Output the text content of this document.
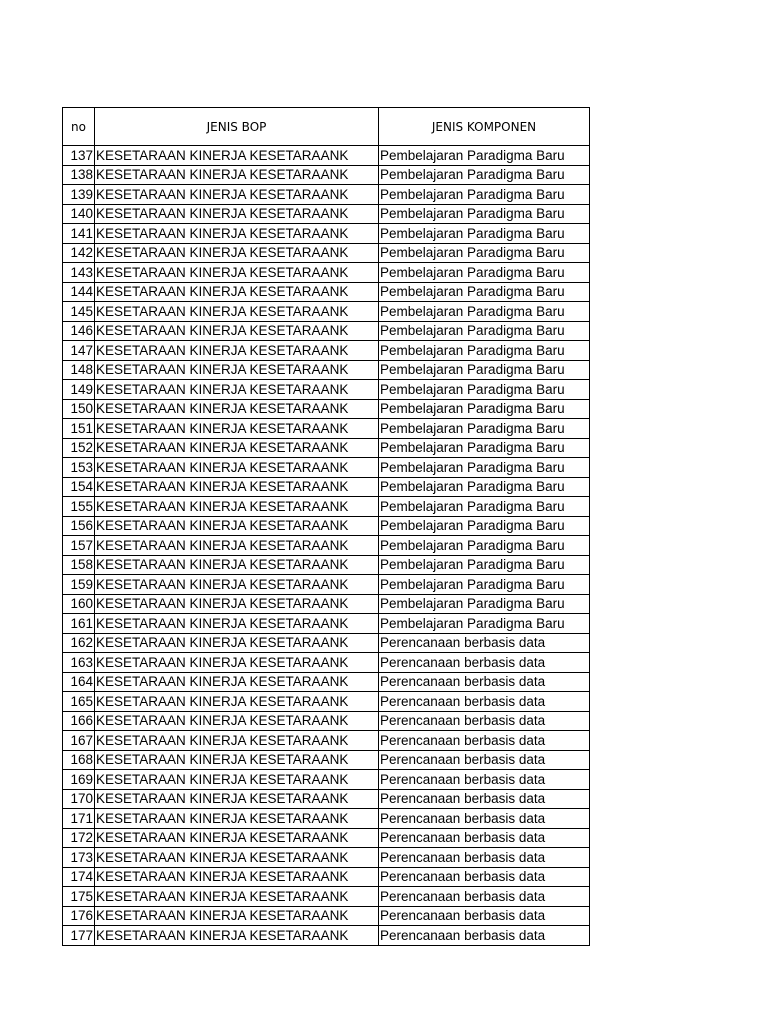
no	JENIS BOP	JENIS KOMPONEN
137	KESETARAAN KINERJA KESETARAANK	Pembelajaran Paradigma Baru
138	KESETARAAN KINERJA KESETARAANK	Pembelajaran Paradigma Baru
139	KESETARAAN KINERJA KESETARAANK	Pembelajaran Paradigma Baru
140	KESETARAAN KINERJA KESETARAANK	Pembelajaran Paradigma Baru
141	KESETARAAN KINERJA KESETARAANK	Pembelajaran Paradigma Baru
142	KESETARAAN KINERJA KESETARAANK	Pembelajaran Paradigma Baru
143	KESETARAAN KINERJA KESETARAANK	Pembelajaran Paradigma Baru
144	KESETARAAN KINERJA KESETARAANK	Pembelajaran Paradigma Baru
145	KESETARAAN KINERJA KESETARAANK	Pembelajaran Paradigma Baru
146	KESETARAAN KINERJA KESETARAANK	Pembelajaran Paradigma Baru
147	KESETARAAN KINERJA KESETARAANK	Pembelajaran Paradigma Baru
148	KESETARAAN KINERJA KESETARAANK	Pembelajaran Paradigma Baru
149	KESETARAAN KINERJA KESETARAANK	Pembelajaran Paradigma Baru
150	KESETARAAN KINERJA KESETARAANK	Pembelajaran Paradigma Baru
151	KESETARAAN KINERJA KESETARAANK	Pembelajaran Paradigma Baru
152	KESETARAAN KINERJA KESETARAANK	Pembelajaran Paradigma Baru
153	KESETARAAN KINERJA KESETARAANK	Pembelajaran Paradigma Baru
154	KESETARAAN KINERJA KESETARAANK	Pembelajaran Paradigma Baru
155	KESETARAAN KINERJA KESETARAANK	Pembelajaran Paradigma Baru
156	KESETARAAN KINERJA KESETARAANK	Pembelajaran Paradigma Baru
157	KESETARAAN KINERJA KESETARAANK	Pembelajaran Paradigma Baru
158	KESETARAAN KINERJA KESETARAANK	Pembelajaran Paradigma Baru
159	KESETARAAN KINERJA KESETARAANK	Pembelajaran Paradigma Baru
160	KESETARAAN KINERJA KESETARAANK	Pembelajaran Paradigma Baru
161	KESETARAAN KINERJA KESETARAANK	Pembelajaran Paradigma Baru
162	KESETARAAN KINERJA KESETARAANK	Perencanaan berbasis data
163	KESETARAAN KINERJA KESETARAANK	Perencanaan berbasis data
164	KESETARAAN KINERJA KESETARAANK	Perencanaan berbasis data
165	KESETARAAN KINERJA KESETARAANK	Perencanaan berbasis data
166	KESETARAAN KINERJA KESETARAANK	Perencanaan berbasis data
167	KESETARAAN KINERJA KESETARAANK	Perencanaan berbasis data
168	KESETARAAN KINERJA KESETARAANK	Perencanaan berbasis data
169	KESETARAAN KINERJA KESETARAANK	Perencanaan berbasis data
170	KESETARAAN KINERJA KESETARAANK	Perencanaan berbasis data
171	KESETARAAN KINERJA KESETARAANK	Perencanaan berbasis data
172	KESETARAAN KINERJA KESETARAANK	Perencanaan berbasis data
173	KESETARAAN KINERJA KESETARAANK	Perencanaan berbasis data
174	KESETARAAN KINERJA KESETARAANK	Perencanaan berbasis data
175	KESETARAAN KINERJA KESETARAANK	Perencanaan berbasis data
176	KESETARAAN KINERJA KESETARAANK	Perencanaan berbasis data
177	KESETARAAN KINERJA KESETARAANK	Perencanaan berbasis data
